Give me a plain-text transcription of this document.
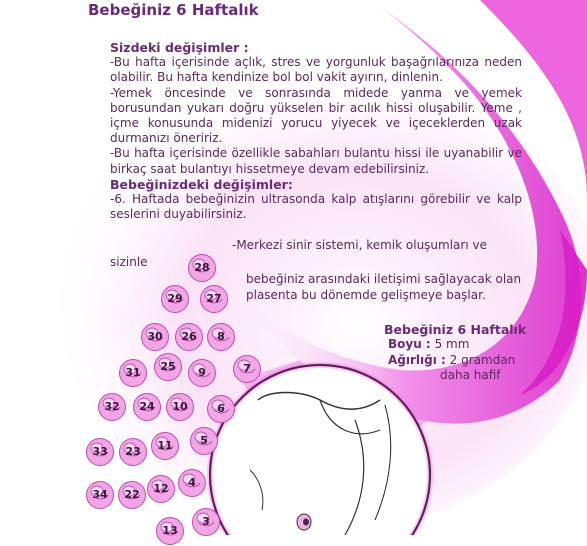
Bebeğiniz 6 Haftalık

Sizdeki değişimler :

-Bu hafta içerisinde açlık, stres ve yorgunluk başağrılarınıza neden olabilir. Bu hafta kendinize bol bol vakit ayırın, dinlenin.

-Yemek öncesinde ve sonrasında midede yanma ve yemek borusundan yukarı doğru yükselen bir acılık hissi oluşabilir. Yeme , içme konusunda midenizi yorucu yiyecek ve içeceklerden uzak durmanızı öneririz.

-Bu hafta içerisinde özellikle sabahları bulantu hissi ile uyanabilir ve birkaç saat bulantıyı hissetmeye devam edebilirsiniz.

Bebeğinizdeki değişimler:

-6. Haftada bebeğinizin ultrasonda kalp atışlarını görebilir ve kalp seslerini duyabilirsiniz.

-Merkezi sinir sistemi, kemik oluşumları ve
sizinle
bebeğiniz arasındaki iletişimi sağlayacak olan
plasenta bu dönemde gelişmeye başlar.
Bebeğiniz 6 Haftalık
Boyu : 5 mm
Ağırlığı : 2 gramdan
daha hafif
28
29	27
30	26	8
31	25	9	7
32	24	10	6
33	23	11	5
34	22	12	4
13
3
